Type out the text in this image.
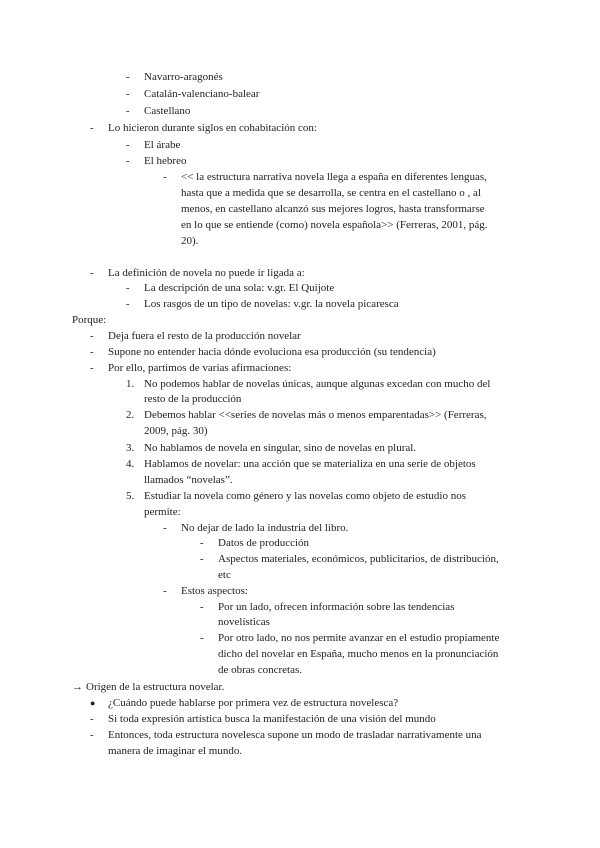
- Navarro-aragonés
- Catalán-valenciano-balear
- Castellano
- Lo hicieron durante siglos en cohabitación con:
- El árabe
- El hebreo
- << la estructura narrativa novela llega a españa en diferentes lenguas,
hasta que a medida que se desarrolla, se centra en el castellano o , al
menos, en castellano alcanzó sus mejores logros, hasta transformarse
en lo que se entiende (como) novela española>> (Ferreras, 2001, pág.
20).
- La definición de novela no puede ir ligada a:
- La descripción de una sola: v.gr. El Quijote
- Los rasgos de un tipo de novelas: v.gr. la novela picaresca
Porque:
- Deja fuera el resto de la producción novelar
- Supone no entender hacia dónde evoluciona esa producción (su tendencia)
- Por ello, partimos de varias afirmaciones:
1. No podemos hablar de novelas únicas, aunque algunas excedan con mucho del
resto de la producción
2. Debemos hablar <<series de novelas más o menos emparentadas>> (Ferreras,
2009, pág. 30)
3. No hablamos de novela en singular, sino de novelas en plural.
4. Hablamos de novelar: una acción que se materializa en una serie de objetos
llamados “novelas”.
5. Estudiar la novela como género y las novelas como objeto de estudio nos
permite:
- No dejar de lado la industria del libro.
- Datos de producción
- Aspectos materiales, económicos, publicitarios, de distribución,
etc
- Estos aspectos:
- Por un lado, ofrecen información sobre las tendencias
novelísticas
- Por otro lado, no nos permite avanzar en el estudio propiamente
dicho del novelar en España, mucho menos en la pronunciación
de obras concretas.
→ Origen de la estructura novelar.
● ¿Cuándo puede hablarse por primera vez de estructura novelesca?
- Si toda expresión artística busca la manifestación de una visión del mundo
- Entonces, toda estructura novelesca supone un modo de trasladar narrativamente una
manera de imaginar el mundo.
